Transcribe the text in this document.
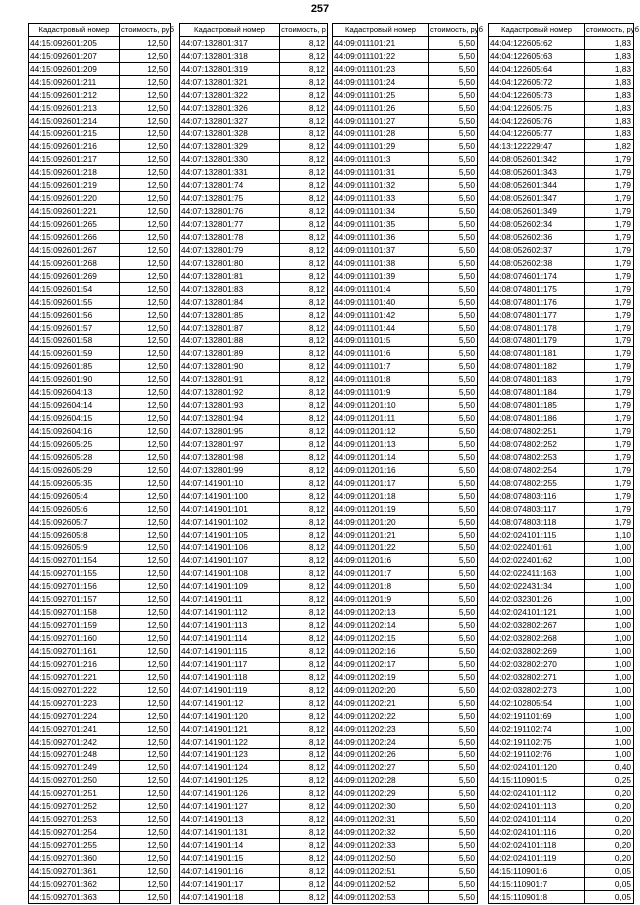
257
Кадастровый номер	стоимость, руб
44:15:092601:205	12,50
44:15:092601:207	12,50
44:15:092601:209	12,50
44:15:092601:211	12,50
44:15:092601:212	12,50
44:15:092601:213	12,50
44:15:092601:214	12,50
44:15:092601:215	12,50
44:15:092601:216	12,50
44:15:092601:217	12,50
44:15:092601:218	12,50
44:15:092601:219	12,50
44:15:092601:220	12,50
44:15:092601:221	12,50
44:15:092601:265	12,50
44:15:092601:266	12,50
44:15:092601:267	12,50
44:15:092601:268	12,50
44:15:092601:269	12,50
44:15:092601:54	12,50
44:15:092601:55	12,50
44:15:092601:56	12,50
44:15:092601:57	12,50
44:15:092601:58	12,50
44:15:092601:59	12,50
44:15:092601:85	12,50
44:15:092601:90	12,50
44:15:092604:13	12,50
44:15:092604:14	12,50
44:15:092604:15	12,50
44:15:092604:16	12,50
44:15:092605:25	12,50
44:15:092605:28	12,50
44:15:092605:29	12,50
44:15:092605:35	12,50
44:15:092605:4	12,50
44:15:092605:6	12,50
44:15:092605:7	12,50
44:15:092605:8	12,50
44:15:092605:9	12,50
44:15:092701:154	12,50
44:15:092701:155	12,50
44:15:092701:156	12,50
44:15:092701:157	12,50
44:15:092701:158	12,50
44:15:092701:159	12,50
44:15:092701:160	12,50
44:15:092701:161	12,50
44:15:092701:216	12,50
44:15:092701:221	12,50
44:15:092701:222	12,50
44:15:092701:223	12,50
44:15:092701:224	12,50
44:15:092701:241	12,50
44:15:092701:242	12,50
44:15:092701:248	12,50
44:15:092701:249	12,50
44:15:092701:250	12,50
44:15:092701:251	12,50
44:15:092701:252	12,50
44:15:092701:253	12,50
44:15:092701:254	12,50
44:15:092701:255	12,50
44:15:092701:360	12,50
44:15:092701:361	12,50
44:15:092701:362	12,50
44:15:092701:363	12,50
Кадастровый номер	стоимость, р
44:07:132801:317	8,12
44:07:132801:318	8,12
44:07:132801:319	8,12
44:07:132801:321	8,12
44:07:132801:322	8,12
44:07:132801:326	8,12
44:07:132801:327	8,12
44:07:132801:328	8,12
44:07:132801:329	8,12
44:07:132801:330	8,12
44:07:132801:331	8,12
44:07:132801:74	8,12
44:07:132801:75	8,12
44:07:132801:76	8,12
44:07:132801:77	8,12
44:07:132801:78	8,12
44:07:132801:79	8,12
44:07:132801:80	8,12
44:07:132801:81	8,12
44:07:132801:83	8,12
44:07:132801:84	8,12
44:07:132801:85	8,12
44:07:132801:87	8,12
44:07:132801:88	8,12
44:07:132801:89	8,12
44:07:132801:90	8,12
44:07:132801:91	8,12
44:07:132801:92	8,12
44:07:132801:93	8,12
44:07:132801:94	8,12
44:07:132801:95	8,12
44:07:132801:97	8,12
44:07:132801:98	8,12
44:07:132801:99	8,12
44:07:141901:10	8,12
44:07:141901:100	8,12
44:07:141901:101	8,12
44:07:141901:102	8,12
44:07:141901:105	8,12
44:07:141901:106	8,12
44:07:141901:107	8,12
44:07:141901:108	8,12
44:07:141901:109	8,12
44:07:141901:11	8,12
44:07:141901:112	8,12
44:07:141901:113	8,12
44:07:141901:114	8,12
44:07:141901:115	8,12
44:07:141901:117	8,12
44:07:141901:118	8,12
44:07:141901:119	8,12
44:07:141901:12	8,12
44:07:141901:120	8,12
44:07:141901:121	8,12
44:07:141901:122	8,12
44:07:141901:123	8,12
44:07:141901:124	8,12
44:07:141901:125	8,12
44:07:141901:126	8,12
44:07:141901:127	8,12
44:07:141901:13	8,12
44:07:141901:131	8,12
44:07:141901:14	8,12
44:07:141901:15	8,12
44:07:141901:16	8,12
44:07:141901:17	8,12
44:07:141901:18	8,12
Кадастровый номер	стоимость, руб
44:09:011101:21	5,50
44:09:011101:22	5,50
44:09:011101:23	5,50
44:09:011101:24	5,50
44:09:011101:25	5,50
44:09:011101:26	5,50
44:09:011101:27	5,50
44:09:011101:28	5,50
44:09:011101:29	5,50
44:09:011101:3	5,50
44:09:011101:31	5,50
44:09:011101:32	5,50
44:09:011101:33	5,50
44:09:011101:34	5,50
44:09:011101:35	5,50
44:09:011101:36	5,50
44:09:011101:37	5,50
44:09:011101:38	5,50
44:09:011101:39	5,50
44:09:011101:4	5,50
44:09:011101:40	5,50
44:09:011101:42	5,50
44:09:011101:44	5,50
44:09:011101:5	5,50
44:09:011101:6	5,50
44:09:011101:7	5,50
44:09:011101:8	5,50
44:09:011101:9	5,50
44:09:011201:10	5,50
44:09:011201:11	5,50
44:09:011201:12	5,50
44:09:011201:13	5,50
44:09:011201:14	5,50
44:09:011201:16	5,50
44:09:011201:17	5,50
44:09:011201:18	5,50
44:09:011201:19	5,50
44:09:011201:20	5,50
44:09:011201:21	5,50
44:09:011201:22	5,50
44:09:011201:6	5,50
44:09:011201:7	5,50
44:09:011201:8	5,50
44:09:011201:9	5,50
44:09:011202:13	5,50
44:09:011202:14	5,50
44:09:011202:15	5,50
44:09:011202:16	5,50
44:09:011202:17	5,50
44:09:011202:19	5,50
44:09:011202:20	5,50
44:09:011202:21	5,50
44:09:011202:22	5,50
44:09:011202:23	5,50
44:09:011202:24	5,50
44:09:011202:26	5,50
44:09:011202:27	5,50
44:09:011202:28	5,50
44:09:011202:29	5,50
44:09:011202:30	5,50
44:09:011202:31	5,50
44:09:011202:32	5,50
44:09:011202:33	5,50
44:09:011202:50	5,50
44:09:011202:51	5,50
44:09:011202:52	5,50
44:09:011202:53	5,50
Кадастровый номер	стоимость, руб
44:04:122605:62	1,83
44:04:122605:63	1,83
44:04:122605:64	1,83
44:04:122605:72	1,83
44:04:122605:73	1,83
44:04:122605:75	1,83
44:04:122605:76	1,83
44:04:122605:77	1,83
44:13:122229:47	1,82
44:08:052601:342	1,79
44:08:052601:343	1,79
44:08:052601:344	1,79
44:08:052601:347	1,79
44:08:052601:349	1,79
44:08:052602:34	1,79
44:08:052602:36	1,79
44:08:052602:37	1,79
44:08:052602:38	1,79
44:08:074601:174	1,79
44:08:074801:175	1,79
44:08:074801:176	1,79
44:08:074801:177	1,79
44:08:074801:178	1,79
44:08:074801:179	1,79
44:08:074801:181	1,79
44:08:074801:182	1,79
44:08:074801:183	1,79
44:08:074801:184	1,79
44:08:074801:185	1,79
44:08:074801:186	1,79
44:08:074802:251	1,79
44:08:074802:252	1,79
44:08:074802:253	1,79
44:08:074802:254	1,79
44:08:074802:255	1,79
44:08:074803:116	1,79
44:08:074803:117	1,79
44:08:074803:118	1,79
44:02:024101:115	1,10
44:02:022401:61	1,00
44:02:022401:62	1,00
44:02:022411:163	1,00
44:02:022431:34	1,00
44:02:032301:26	1,00
44:02:024101:121	1,00
44:02:032802:267	1,00
44:02:032802:268	1,00
44:02:032802:269	1,00
44:02:032802:270	1,00
44:02:032802:271	1,00
44:02:032802:273	1,00
44:02:102805:54	1,00
44:02:191101:69	1,00
44:02:191102:74	1,00
44:02:191102:75	1,00
44:02:191102:76	1,00
44:02:024101:120	0,40
44:15:110901:5	0,25
44:02:024101:112	0,20
44:02:024101:113	0,20
44:02:024101:114	0,20
44:02:024101:116	0,20
44:02:024101:118	0,20
44:02:024101:119	0,20
44:15:110901:6	0,05
44:15:110901:7	0,05
44:15:110901:8	0,05
